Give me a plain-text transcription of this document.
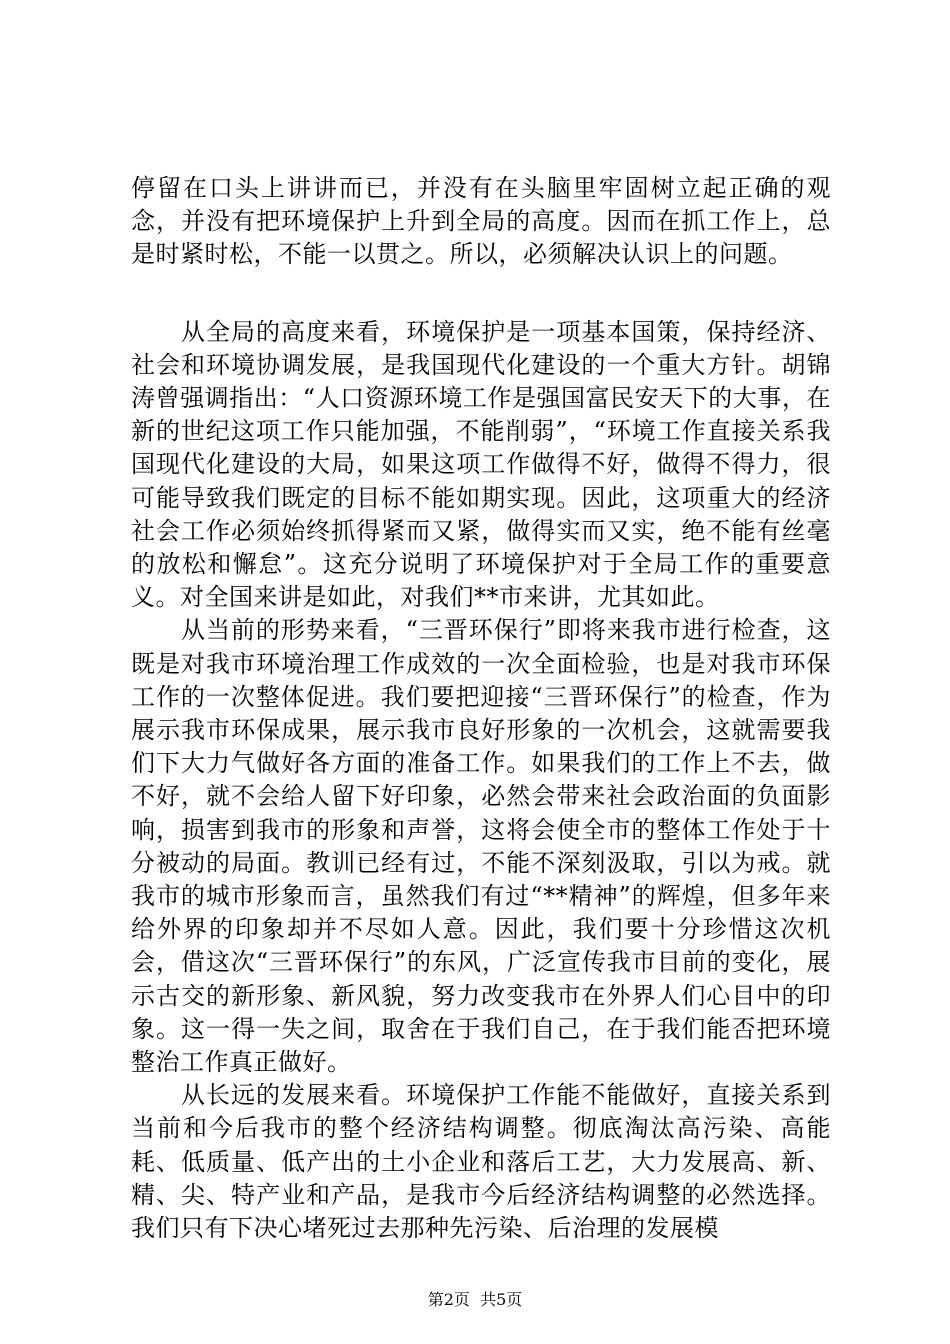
停留在口头上讲讲而已，并没有在头脑里牢固树立起正确的观念，并没有把环境保护上升到全局的高度。因而在抓工作上，总是时紧时松，不能一以贯之。所以，必须解决认识上的问题。

从全局的高度来看，环境保护是一项基本国策，保持经济、社会和环境协调发展，是我国现代化建设的一个重大方针。胡锦涛曾强调指出：“人口资源环境工作是强国富民安天下的大事，在新的世纪这项工作只能加强，不能削弱”，“环境工作直接关系我国现代化建设的大局，如果这项工作做得不好，做得不得力，很可能导致我们既定的目标不能如期实现。因此，这项重大的经济社会工作必须始终抓得紧而又紧，做得实而又实，绝不能有丝毫的放松和懈怠”。这充分说明了环境保护对于全局工作的重要意义。对全国来讲是如此，对我们**市来讲，尤其如此。

从当前的形势来看，“三晋环保行”即将来我市进行检查，这既是对我市环境治理工作成效的一次全面检验，也是对我市环保工作的一次整体促进。我们要把迎接“三晋环保行”的检查，作为展示我市环保成果，展示我市良好形象的一次机会，这就需要我们下大力气做好各方面的准备工作。如果我们的工作上不去，做不好，就不会给人留下好印象，必然会带来社会政治面的负面影响，损害到我市的形象和声誉，这将会使全市的整体工作处于十分被动的局面。教训已经有过，不能不深刻汲取，引以为戒。就我市的城市形象而言，虽然我们有过“**精神”的辉煌，但多年来给外界的印象却并不尽如人意。因此，我们要十分珍惜这次机会，借这次“三晋环保行”的东风，广泛宣传我市目前的变化，展示古交的新形象、新风貌，努力改变我市在外界人们心目中的印象。这一得一失之间，取舍在于我们自己，在于我们能否把环境整治工作真正做好。

从长远的发展来看。环境保护工作能不能做好，直接关系到当前和今后我市的整个经济结构调整。彻底淘汰高污染、高能耗、低质量、低产出的土小企业和落后工艺，大力发展高、新、精、尖、特产业和产品，是我市今后经济结构调整的必然选择。我们只有下决心堵死过去那种先污染、后治理的发展模

第2页  共5页
